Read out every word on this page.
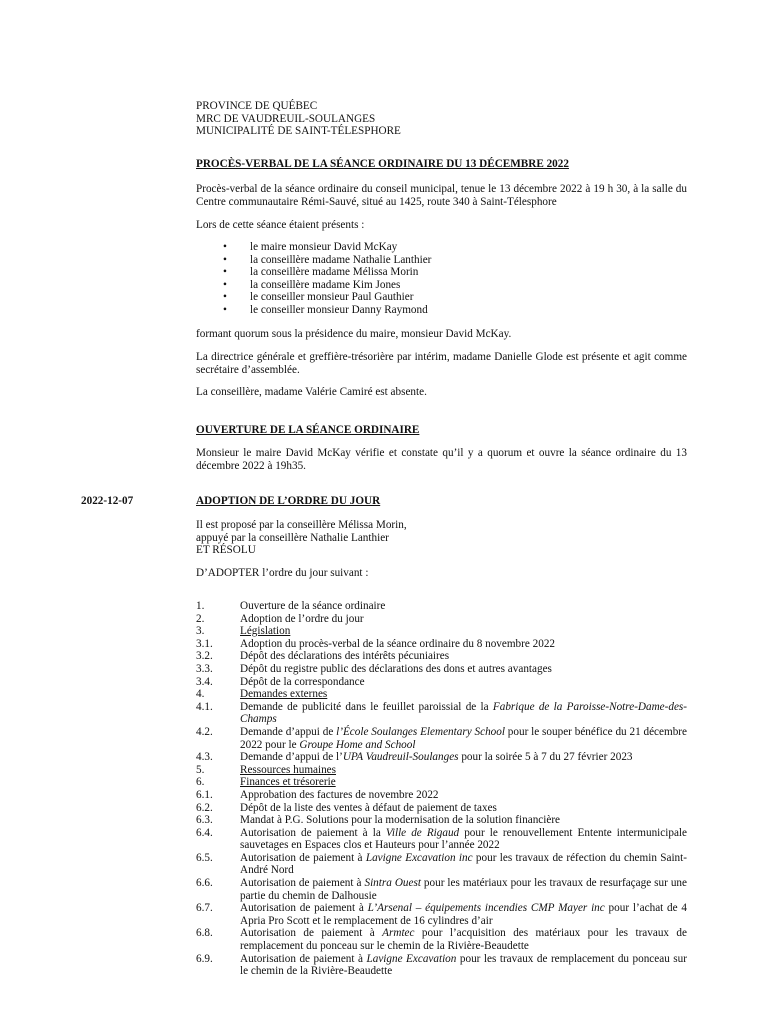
PROVINCE DE QUÉBEC
MRC DE VAUDREUIL-SOULANGES
MUNICIPALITÉ DE SAINT-TÉLESPHORE
PROCÈS-VERBAL DE LA SÉANCE ORDINAIRE DU 13 DÉCEMBRE 2022
Procès-verbal de la séance ordinaire du conseil municipal, tenue le 13 décembre 2022 à 19 h 30, à la salle du Centre communautaire Rémi-Sauvé, situé au 1425, route 340 à Saint-Télesphore
Lors de cette séance étaient présents :
•	le maire monsieur David McKay
•	la conseillère madame Nathalie Lanthier
•	la conseillère madame Mélissa Morin
•	la conseillère madame Kim Jones
•	le conseiller monsieur Paul Gauthier
•	le conseiller monsieur Danny Raymond
formant quorum sous la présidence du maire, monsieur David McKay.
La directrice générale et greffière-trésorière par intérim, madame Danielle Glode est présente et agit comme secrétaire d’assemblée.
La conseillère, madame Valérie Camiré est absente.
OUVERTURE DE LA SÉANCE ORDINAIRE
Monsieur le maire David McKay vérifie et constate qu’il y a quorum et ouvre la séance ordinaire du 13 décembre 2022 à 19h35.
2022-12-07	ADOPTION DE L’ORDRE DU JOUR
Il est proposé par la conseillère Mélissa Morin,
appuyé par la conseillère Nathalie Lanthier
ET RÉSOLU
D’ADOPTER l’ordre du jour suivant :
1.	Ouverture de la séance ordinaire
2.	Adoption de l’ordre du jour
3.	Législation
3.1.	Adoption du procès-verbal de la séance ordinaire du 8 novembre 2022
3.2.	Dépôt des déclarations des intérêts pécuniaires
3.3.	Dépôt du registre public des déclarations des dons et autres avantages
3.4.	Dépôt de la correspondance
4.	Demandes externes
4.1.	Demande de publicité dans le feuillet paroissial de la Fabrique de la Paroisse-Notre-Dame-des-Champs
4.2.	Demande d’appui de l’École Soulanges Elementary School pour le souper bénéfice du 21 décembre 2022 pour le Groupe Home and School
4.3.	Demande d’appui de l’UPA Vaudreuil-Soulanges pour la soirée 5 à 7 du 27 février 2023
5.	Ressources humaines
6.	Finances et trésorerie
6.1.	Approbation des factures de novembre 2022
6.2.	Dépôt de la liste des ventes à défaut de paiement de taxes
6.3.	Mandat à P.G. Solutions pour la modernisation de la solution financière
6.4.	Autorisation de paiement à la Ville de Rigaud pour le renouvellement Entente intermunicipale sauvetages en Espaces clos et Hauteurs pour l’année 2022
6.5.	Autorisation de paiement à Lavigne Excavation inc pour les travaux de réfection du chemin Saint-André Nord
6.6.	Autorisation de paiement à Sintra Ouest pour les matériaux pour les travaux de resurfaçage sur une partie du chemin de Dalhousie
6.7.	Autorisation de paiement à L’Arsenal – équipements incendies CMP Mayer inc pour l’achat de 4 Apria Pro Scott et le remplacement de 16 cylindres d’air
6.8.	Autorisation de paiement à Armtec pour l’acquisition des matériaux pour les travaux de remplacement du ponceau sur le chemin de la Rivière-Beaudette
6.9.	Autorisation de paiement à Lavigne Excavation pour les travaux de remplacement du ponceau sur le chemin de la Rivière-Beaudette
